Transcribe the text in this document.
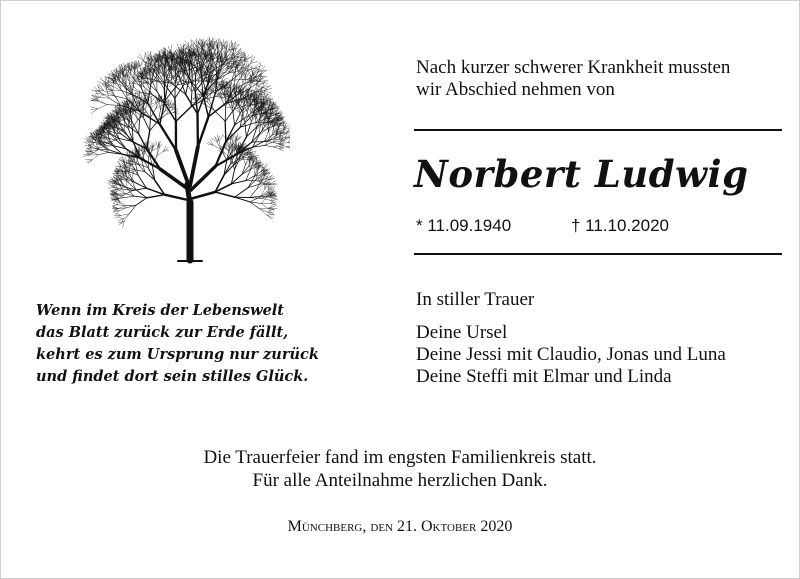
Nach kurzer schwerer Krankheit mussten
wir Abschied nehmen von
Norbert Ludwig
* 11.09.1940	† 11.10.2020
Wenn im Kreis der Lebenswelt
das Blatt zurück zur Erde fällt,
kehrt es zum Ursprung nur zurück
und findet dort sein stilles Glück.
In stiller Trauer
Deine Ursel
Deine Jessi mit Claudio, Jonas und Luna
Deine Steffi mit Elmar und Linda
Die Trauerfeier fand im engsten Familienkreis statt.
Für alle Anteilnahme herzlichen Dank.
Münchberg, den 21. Oktober 2020
